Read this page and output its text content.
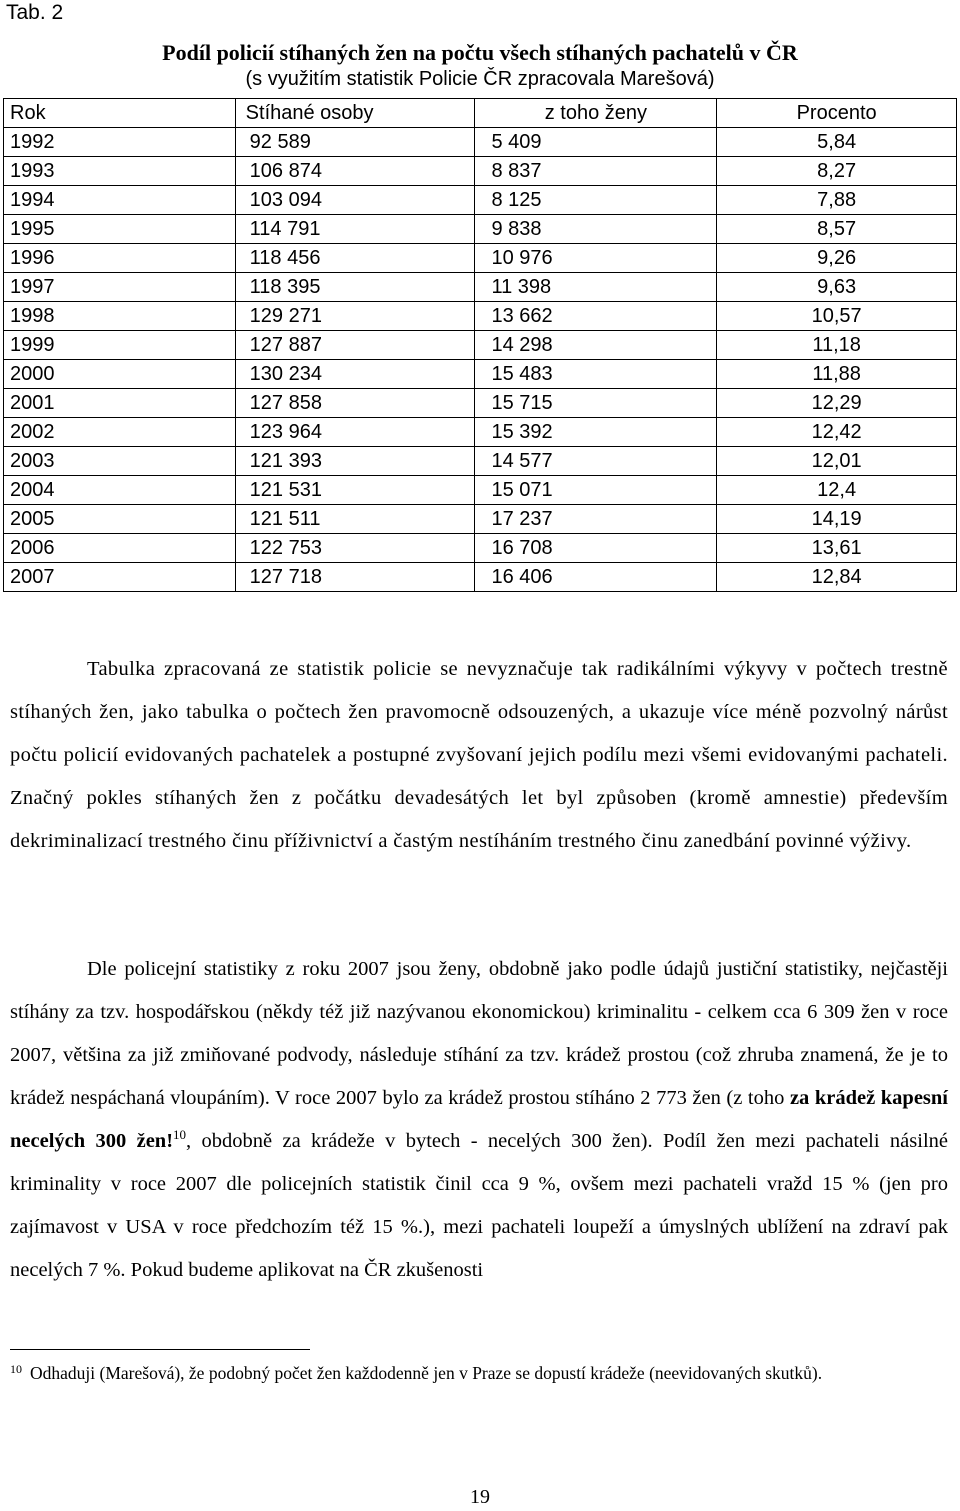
Tab. 2
Podíl policií stíhaných žen na počtu všech stíhaných pachatelů v ČR
(s využitím statistik Policie ČR zpracovala Marešová)
Rok	Stíhané osoby	z toho ženy	Procento
1992	92 589	5 409	5,84
1993	106 874	8 837	8,27
1994	103 094	8 125	7,88
1995	114 791	9 838	8,57
1996	118 456	10 976	9,26
1997	118 395	11 398	9,63
1998	129 271	13 662	10,57
1999	127 887	14 298	11,18
2000	130 234	15 483	11,88
2001	127 858	15 715	12,29
2002	123 964	15 392	12,42
2003	121 393	14 577	12,01
2004	121 531	15 071	12,4
2005	121 511	17 237	14,19
2006	122 753	16 708	13,61
2007	127 718	16 406	12,84

Tabulka zpracovaná ze statistik policie se nevyznačuje tak radikálními výkyvy v počtech trestně stíhaných žen, jako tabulka o počtech žen pravomocně odsouzených, a ukazuje více méně pozvolný nárůst počtu policií evidovaných pachatelek a postupné zvyšovaní jejich podílu mezi všemi evidovanými pachateli. Značný pokles stíhaných žen z počátku devadesátých let byl způsoben (kromě amnestie) především dekriminalizací trestného činu příživnictví a častým nestíháním trestného činu zanedbání povinné výživy.

Dle policejní statistiky z roku 2007 jsou ženy, obdobně jako podle údajů justiční statistiky, nejčastěji stíhány za tzv. hospodářskou (někdy též již nazývanou ekonomickou) kriminalitu - celkem cca 6 309 žen v roce 2007, většina za již zmiňované podvody, následuje stíhání za tzv. krádež prostou (což zhruba znamená, že je to krádež nespáchaná vloupáním). V roce 2007 bylo za krádež prostou stíháno 2 773 žen (z toho za krádež kapesní necelých 300 žen!$^{10}$, obdobně za krádeže v bytech - necelých 300 žen). Podíl žen mezi pachateli násilné kriminality v roce 2007 dle policejních statistik činil cca 9 %, ovšem mezi pachateli vražd 15 % (jen pro zajímavost v USA v roce předchozím též 15 %.), mezi pachateli loupeží a úmyslných ublížení na zdraví pak necelých 7 %. Pokud budeme aplikovat na ČR zkušenosti

10 Odhaduji (Marešová), že podobný počet žen každodenně jen v Praze se dopustí krádeže (neevidovaných skutků).
19
